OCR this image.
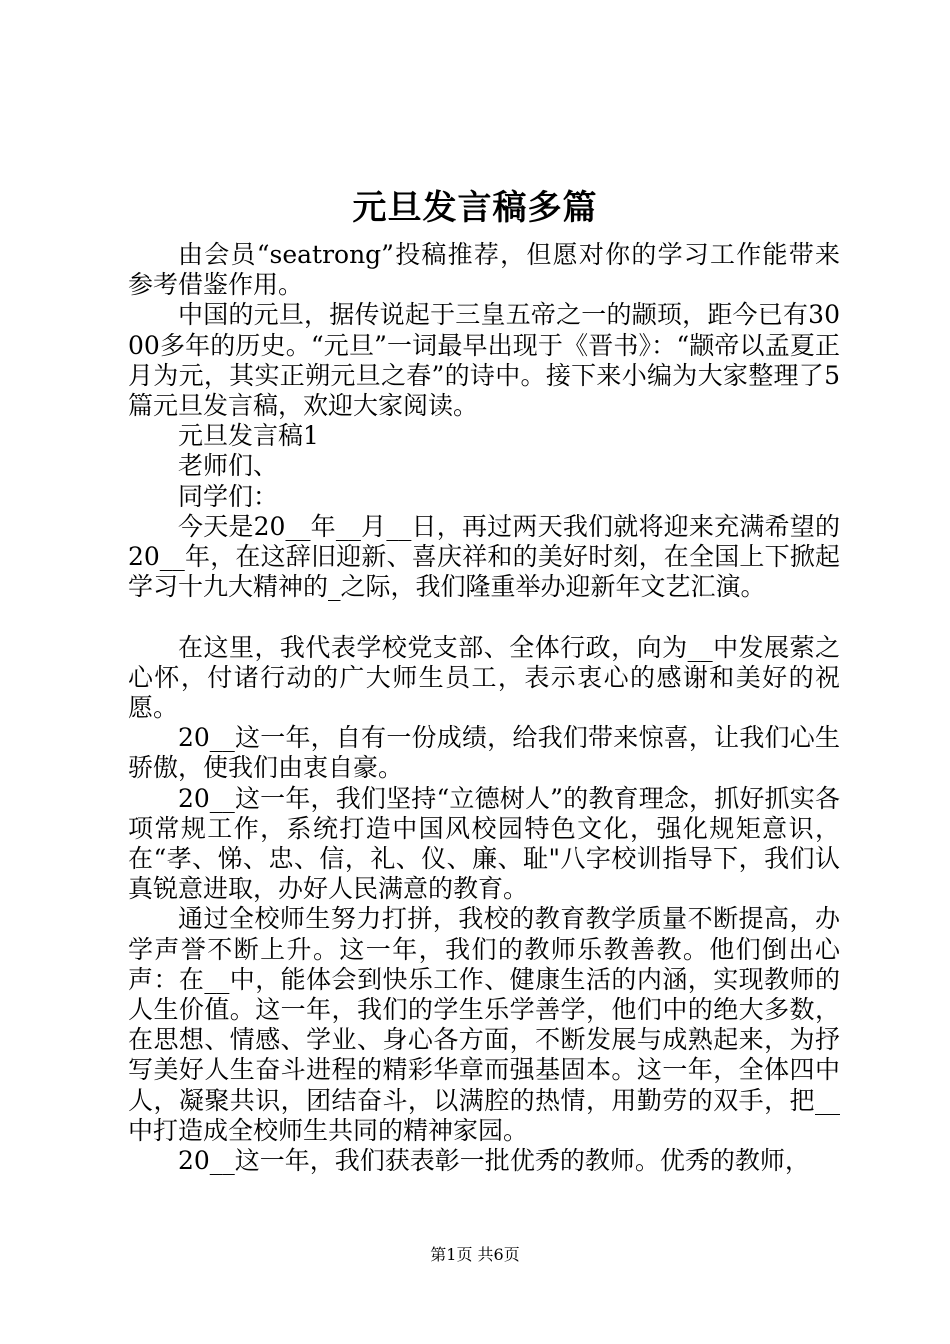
元旦发言稿多篇

由会员“seatrong”投稿推荐，但愿对你的学习工作能带来参考借鉴作用。

中国的元旦，据传说起于三皇五帝之一的颛顼，距今已有3000多年的历史。“元旦”一词最早出现于《晋书》：“颛帝以孟夏正月为元，其实正朔元旦之春”的诗中。接下来小编为大家整理了5篇元旦发言稿，欢迎大家阅读。

元旦发言稿1

老师们、

同学们：

今天是20__年__月__日，再过两天我们就将迎来充满希望的20__年，在这辞旧迎新、喜庆祥和的美好时刻，在全国上下掀起学习十九大精神的_之际，我们隆重举办迎新年文艺汇演。

在这里，我代表学校党支部、全体行政，向为__中发展萦之心怀，付诸行动的广大师生员工，表示衷心的感谢和美好的祝愿。

20__这一年，自有一份成绩，给我们带来惊喜，让我们心生骄傲，使我们由衷自豪。

20__这一年，我们坚持“立德树人”的教育理念，抓好抓实各项常规工作，系统打造中国风校园特色文化，强化规矩意识，在“孝、悌、忠、信，礼、仪、廉、耻"八字校训指导下，我们认真锐意进取，办好人民满意的教育。

通过全校师生努力打拼，我校的教育教学质量不断提高，办学声誉不断上升。这一年，我们的教师乐教善教。他们倒出心声：在__中，能体会到快乐工作、健康生活的内涵，实现教师的人生价值。这一年，我们的学生乐学善学，他们中的绝大多数，在思想、情感、学业、身心各方面，不断发展与成熟起来，为抒写美好人生奋斗进程的精彩华章而强基固本。这一年，全体四中人，凝聚共识，团结奋斗，以满腔的热情，用勤劳的双手，把__中打造成全校师生共同的精神家园。

20__这一年，我们获表彰一批优秀的教师。优秀的教师，

第1页 共6页
